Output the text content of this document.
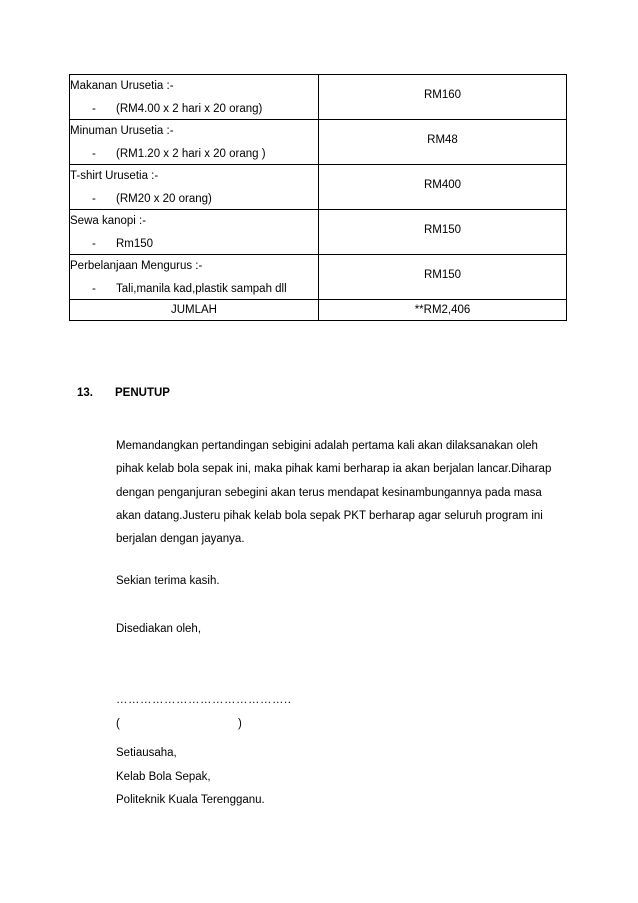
Makanan Urusetia :-
- (RM4.00 x 2 hari x 20 orang)	RM160

Minuman Urusetia :-
- (RM1.20 x 2 hari x 20 orang )	RM48

T-shirt Urusetia :-
- (RM20 x 20 orang)	RM400

Sewa kanopi :-
- Rm150	RM150

Perbelanjaan Mengurus :-
- Tali,manila kad,plastik sampah dll	RM150
JUMLAH	**RM2,406
13. PENUTUP
Memandangkan pertandingan sebigini adalah pertama kali akan dilaksanakan oleh
pihak kelab bola sepak ini, maka pihak kami berharap ia akan berjalan lancar.Diharap
dengan penganjuran sebegini akan terus mendapat kesinambungannya pada masa
akan datang.Justeru pihak kelab bola sepak PKT berharap agar seluruh program ini
berjalan dengan jayanya.
Sekian terima kasih.
Disediakan oleh,
……………………………………..
(	)
Setiausaha,
Kelab Bola Sepak,
Politeknik Kuala Terengganu.
